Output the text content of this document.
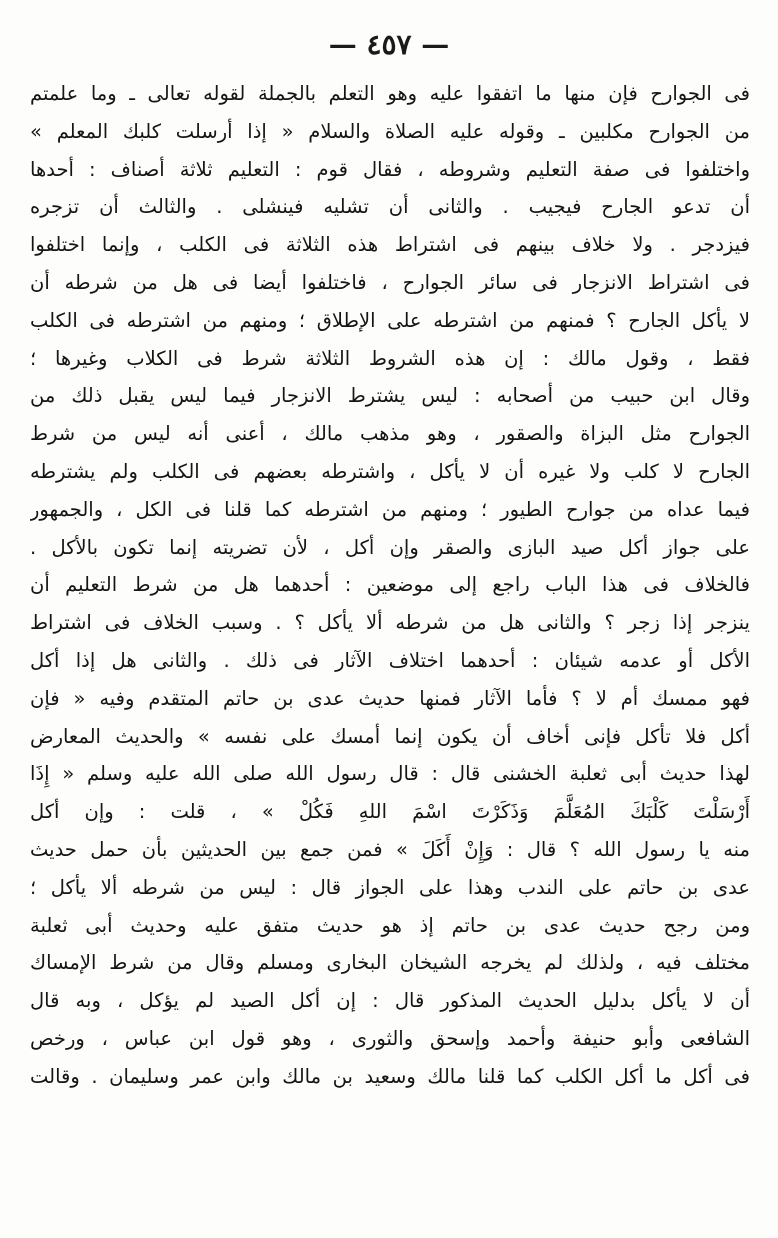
— ٤٥٧ —
فى الجوارح فإن منها ما اتفقوا عليه وهو التعلم بالجملة لقوله تعالى ـ وما علمتم
من الجوارح مكلبين ـ وقوله عليه الصلاة والسلام « إذا أرسلت كلبك المعلم »
واختلفوا فى صفة التعليم وشروطه ، فقال قوم : التعليم ثلاثة أصناف : أحدها
أن تدعو الجارح فيجيب . والثانى أن تشليه فينشلى . والثالث أن تزجره
فيزدجر . ولا خلاف بينهم فى اشتراط هذه الثلاثة فى الكلب ، وإنما اختلفوا
فى اشتراط الانزجار فى سائر الجوارح ، فاختلفوا أيضا فى هل من شرطه أن
لا يأكل الجارح ؟ فمنهم من اشترطه على الإطلاق ؛ ومنهم من اشترطه فى الكلب
فقط ، وقول مالك : إن هذه الشروط الثلاثة شرط فى الكلاب وغيرها ؛
وقال ابن حبيب من أصحابه : ليس يشترط الانزجار فيما ليس يقبل ذلك من
الجوارح مثل البزاة والصقور ، وهو مذهب مالك ، أعنى أنه ليس من شرط
الجارح لا كلب ولا غيره أن لا يأكل ، واشترطه بعضهم فى الكلب ولم يشترطه
فيما عداه من جوارح الطيور ؛ ومنهم من اشترطه كما قلنا فى الكل ، والجمهور
على جواز أكل صيد البازى والصقر وإن أكل ، لأن تضريته إنما تكون بالأكل .
فالخلاف فى هذا الباب راجع إلى موضعين : أحدهما هل من شرط التعليم أن
ينزجر إذا زجر ؟ والثانى هل من شرطه ألا يأكل ؟ . وسبب الخلاف فى اشتراط
الأكل أو عدمه شيئان : أحدهما اختلاف الآثار فى ذلك . والثانى هل إذا أكل
فهو ممسك أم لا ؟ فأما الآثار فمنها حديث عدى بن حاتم المتقدم وفيه « فإن
أكل فلا تأكل فإنى أخاف أن يكون إنما أمسك على نفسه » والحديث المعارض
لهذا حديث أبى ثعلبة الخشنى قال : قال رسول الله صلى الله عليه وسلم « إِذَا
أَرْسَلْتَ كَلْبَكَ المُعَلَّمَ وَذَكَرْتَ اسْمَ اللهِ فَكُلْ » ، قلت : وإن أكل
منه يا رسول الله ؟ قال : وَإِنْ أَكَلَ » فمن جمع بين الحديثين بأن حمل حديث
عدى بن حاتم على الندب وهذا على الجواز قال : ليس من شرطه ألا يأكل ؛
ومن رجح حديث عدى بن حاتم إذ هو حديث متفق عليه وحديث أبى ثعلبة
مختلف فيه ، ولذلك لم يخرجه الشيخان البخارى ومسلم وقال من شرط الإمساك
أن لا يأكل بدليل الحديث المذكور قال : إن أكل الصيد لم يؤكل ، وبه قال
الشافعى وأبو حنيفة وأحمد وإسحق والثورى ، وهو قول ابن عباس ، ورخص
فى أكل ما أكل الكلب كما قلنا مالك وسعيد بن مالك وابن عمر وسليمان . وقالت
